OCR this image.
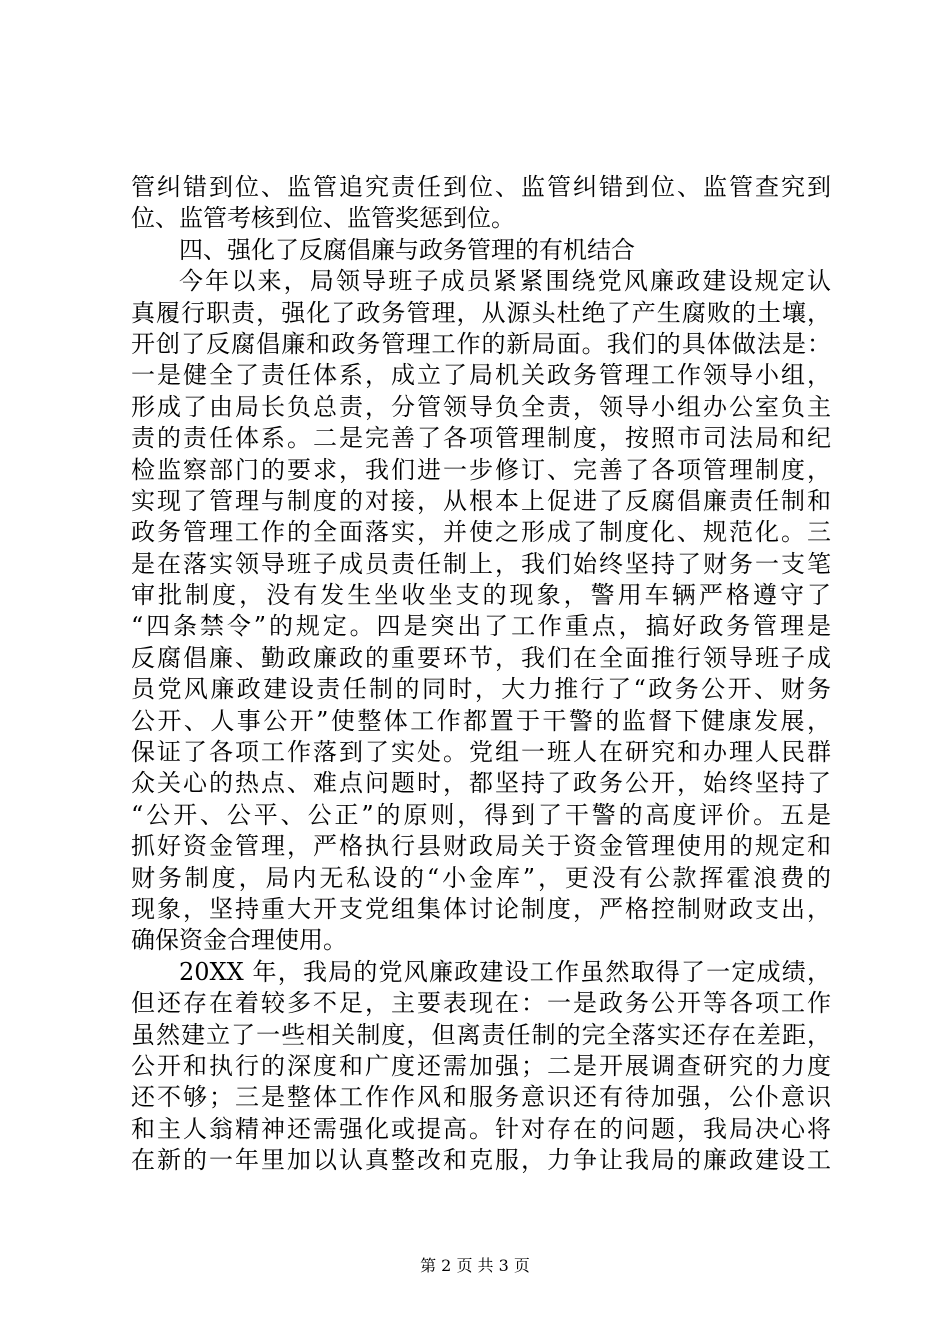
管纠错到位、监管追究责任到位、监管纠错到位、监管查究到
位、监管考核到位、监管奖惩到位。
四、强化了反腐倡廉与政务管理的有机结合
今年以来，局领导班子成员紧紧围绕党风廉政建设规定认
真履行职责，强化了政务管理，从源头杜绝了产生腐败的土壤，
开创了反腐倡廉和政务管理工作的新局面。我们的具体做法是：
一是健全了责任体系，成立了局机关政务管理工作领导小组，
形成了由局长负总责，分管领导负全责，领导小组办公室负主
责的责任体系。二是完善了各项管理制度，按照市司法局和纪
检监察部门的要求，我们进一步修订、完善了各项管理制度，
实现了管理与制度的对接，从根本上促进了反腐倡廉责任制和
政务管理工作的全面落实，并使之形成了制度化、规范化。三
是在落实领导班子成员责任制上，我们始终坚持了财务一支笔
审批制度，没有发生坐收坐支的现象，警用车辆严格遵守了
“四条禁令”的规定。四是突出了工作重点，搞好政务管理是
反腐倡廉、勤政廉政的重要环节，我们在全面推行领导班子成
员党风廉政建设责任制的同时，大力推行了“政务公开、财务
公开、人事公开”使整体工作都置于干警的监督下健康发展，
保证了各项工作落到了实处。党组一班人在研究和办理人民群
众关心的热点、难点问题时，都坚持了政务公开，始终坚持了
“公开、公平、公正”的原则，得到了干警的高度评价。五是
抓好资金管理，严格执行县财政局关于资金管理使用的规定和
财务制度，局内无私设的“小金库”，更没有公款挥霍浪费的
现象，坚持重大开支党组集体讨论制度，严格控制财政支出，
确保资金合理使用。
20XX 年，我局的党风廉政建设工作虽然取得了一定成绩，
但还存在着较多不足，主要表现在：一是政务公开等各项工作
虽然建立了一些相关制度，但离责任制的完全落实还存在差距，
公开和执行的深度和广度还需加强；二是开展调查研究的力度
还不够；三是整体工作作风和服务意识还有待加强，公仆意识
和主人翁精神还需强化或提高。针对存在的问题，我局决心将
在新的一年里加以认真整改和克服，力争让我局的廉政建设工
第 2 页 共 3 页
